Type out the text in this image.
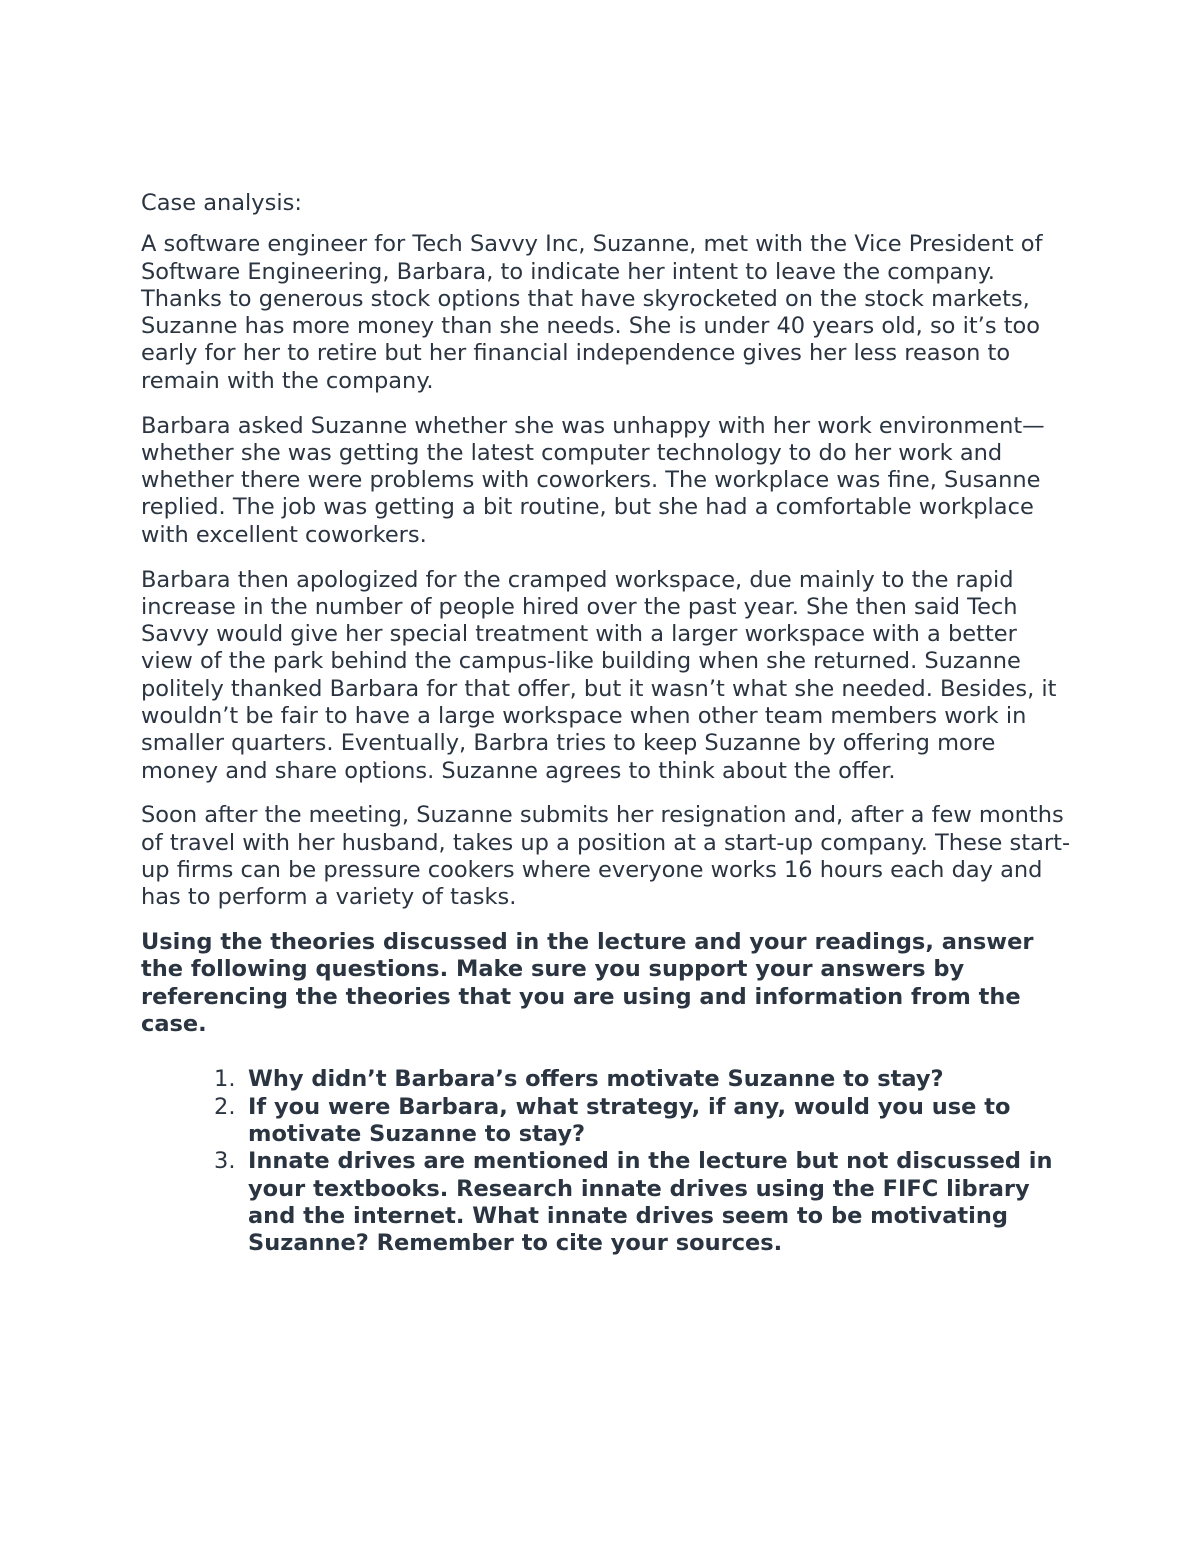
Case analysis:

A software engineer for Tech Savvy Inc, Suzanne, met with the Vice President of Software Engineering, Barbara, to indicate her intent to leave the company. Thanks to generous stock options that have skyrocketed on the stock markets, Suzanne has more money than she needs. She is under 40 years old, so it’s too early for her to retire but her financial independence gives her less reason to remain with the company.

Barbara asked Suzanne whether she was unhappy with her work environment—whether she was getting the latest computer technology to do her work and whether there were problems with coworkers. The workplace was fine, Susanne replied. The job was getting a bit routine, but she had a comfortable workplace with excellent coworkers.

Barbara then apologized for the cramped workspace, due mainly to the rapid increase in the number of people hired over the past year. She then said Tech Savvy would give her special treatment with a larger workspace with a better view of the park behind the campus-like building when she returned. Suzanne politely thanked Barbara for that offer, but it wasn’t what she needed. Besides, it wouldn’t be fair to have a large workspace when other team members work in smaller quarters. Eventually, Barbra tries to keep Suzanne by offering more money and share options. Suzanne agrees to think about the offer.

Soon after the meeting, Suzanne submits her resignation and, after a few months of travel with her husband, takes up a position at a start-up company. These start-up firms can be pressure cookers where everyone works 16 hours each day and has to perform a variety of tasks.

Using the theories discussed in the lecture and your readings, answer the following questions. Make sure you support your answers by referencing the theories that you are using and information from the case.

1. Why didn’t Barbara’s offers motivate Suzanne to stay?
2. If you were Barbara, what strategy, if any, would you use to motivate Suzanne to stay?
3. Innate drives are mentioned in the lecture but not discussed in your textbooks. Research innate drives using the FIFC library and the internet. What innate drives seem to be motivating Suzanne? Remember to cite your sources.
